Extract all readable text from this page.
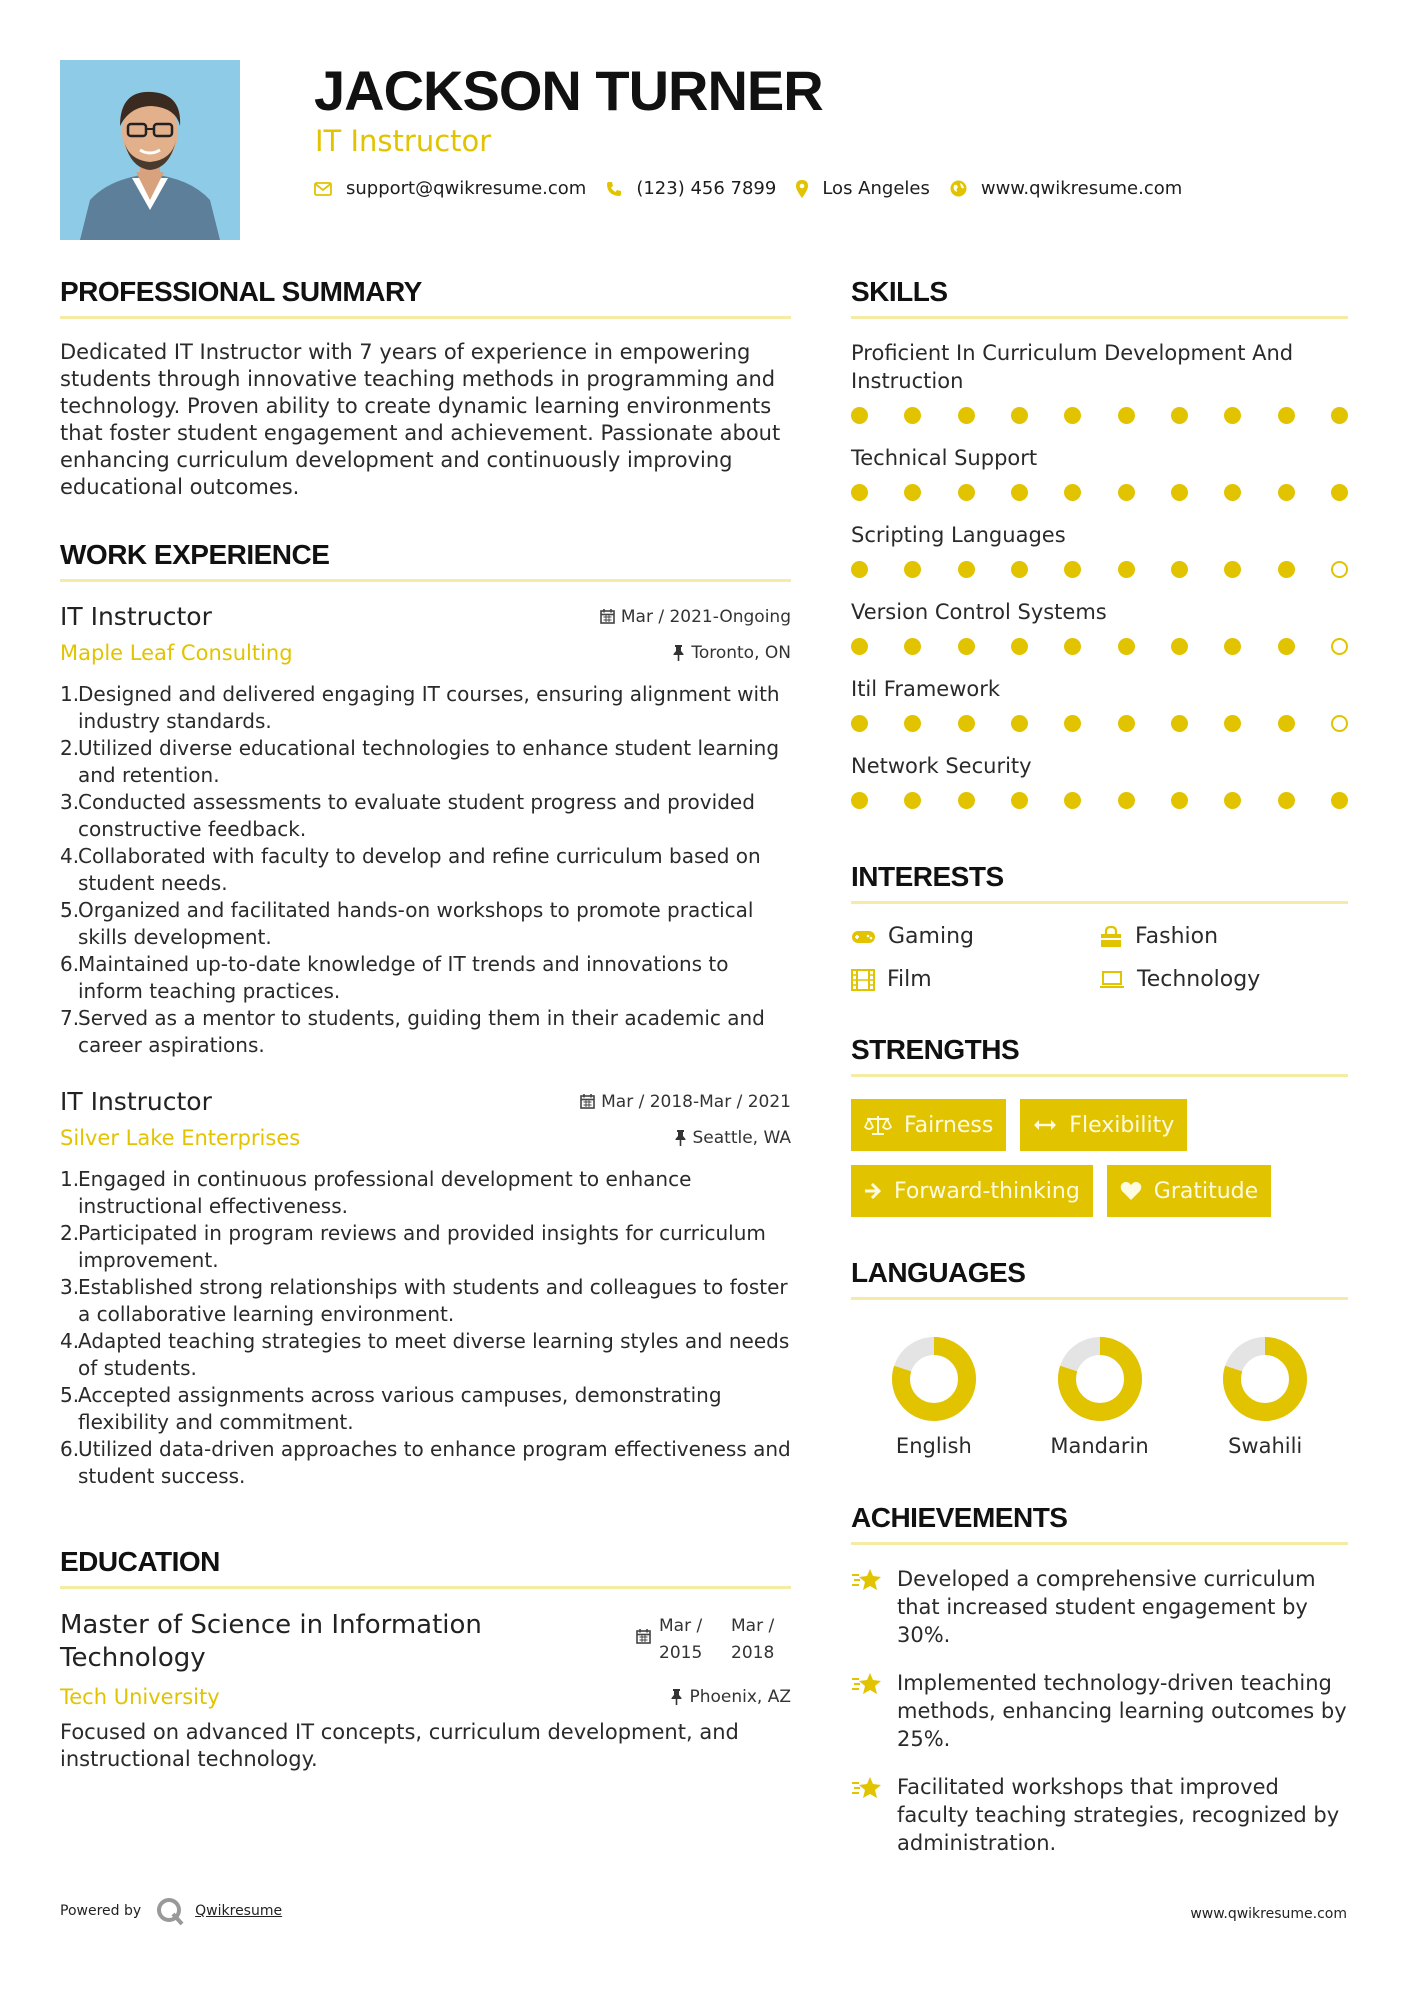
JACKSON TURNER
IT Instructor
support@qwikresume.com	(123) 456 7899	Los Angeles	www.qwikresume.com
PROFESSIONAL SUMMARY

Dedicated IT Instructor with 7 years of experience in empowering students through innovative teaching methods in programming and technology. Proven ability to create dynamic learning environments that foster student engagement and achievement. Passionate about enhancing curriculum development and continuously improving educational outcomes.

WORK EXPERIENCE
IT Instructor	Mar / 2021-Ongoing
Maple Leaf Consulting	Toronto, ON
1.
Designed and delivered engaging IT courses, ensuring alignment with industry standards.
2.
Utilized diverse educational technologies to enhance student learning and retention.
3.
Conducted assessments to evaluate student progress and provided constructive feedback.
4.
Collaborated with faculty to develop and refine curriculum based on student needs.
5.
Organized and facilitated hands-on workshops to promote practical skills development.
6.
Maintained up-to-date knowledge of IT trends and innovations to inform teaching practices.
7.
Served as a mentor to students, guiding them in their academic and career aspirations.
IT Instructor	Mar / 2018-Mar / 2021
Silver Lake Enterprises	Seattle, WA
1.
Engaged in continuous professional development to enhance instructional effectiveness.
2.
Participated in program reviews and provided insights for curriculum improvement.
3.
Established strong relationships with students and colleagues to foster a collaborative learning environment.
4.
Adapted teaching strategies to meet diverse learning styles and needs of students.
5.
Accepted assignments across various campuses, demonstrating flexibility and commitment.
6.
Utilized data-driven approaches to enhance program effectiveness and student success.
EDUCATION
Master of Science in Information Technology
Mar /
2015
Mar /
2018
Tech University	Phoenix, AZ

Focused on advanced IT concepts, curriculum development, and instructional technology.

SKILLS
Proficient In Curriculum Development And Instruction
Technical Support
Scripting Languages
Version Control Systems
Itil Framework
Network Security
INTERESTS
Gaming	Fashion
Film	Technology
STRENGTHS
Fairness	Flexibility
Forward-thinking	Gratitude
LANGUAGES
English	Mandarin	Swahili
ACHIEVEMENTS
Developed a comprehensive curriculum that increased student engagement by 30%.
Implemented technology-driven teaching methods, enhancing learning outcomes by 25%.
Facilitated workshops that improved faculty teaching strategies, recognized by administration.
Powered by	Qwikresume	www.qwikresume.com
